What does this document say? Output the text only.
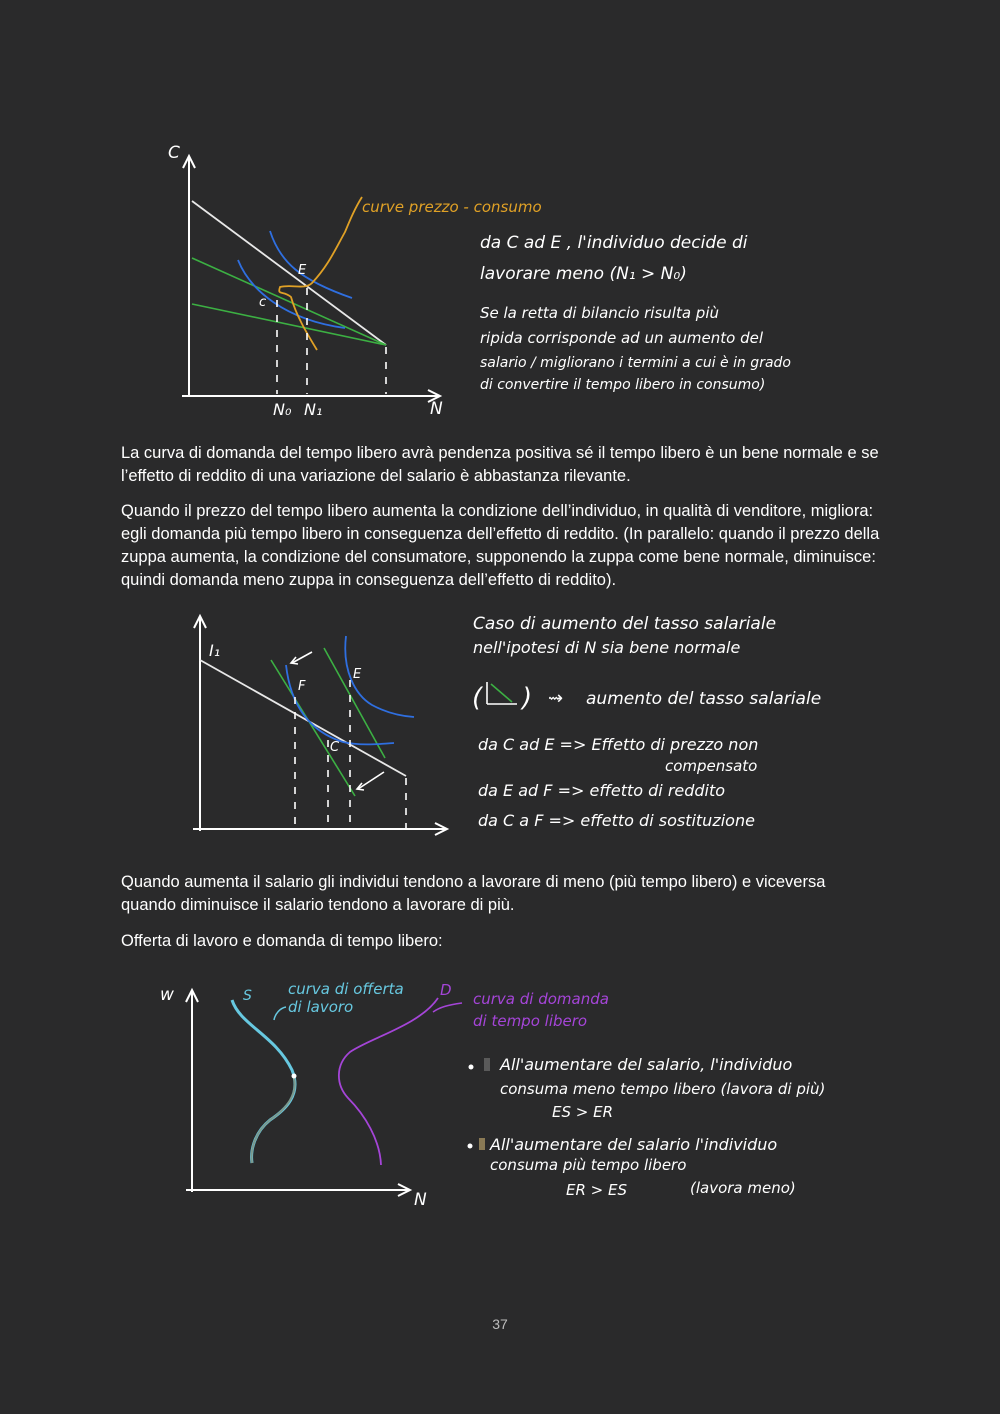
C
N
N₀ N₁
E
c
curve prezzo - consumo
da C ad E , l'individuo decide di
lavorare meno (N₁ > N₀)
Se la retta di bilancio risulta più
ripida corrisponde ad un aumento del
salario / migliorano i termini a cui è in grado
di convertire il tempo libero in consumo)

La curva di domanda del tempo libero avrà pendenza positiva sé il tempo libero è un bene normale e se l’effetto di reddito di una variazione del salario è abbastanza rilevante.

Quando il prezzo del tempo libero aumenta la condizione dell’individuo, in qualità di venditore, migliora: egli domanda più tempo libero in conseguenza dell’effetto di reddito. (In parallelo: quando il prezzo della zuppa aumenta, la condizione del consumatore, supponendo la zuppa come bene normale, diminuisce: quindi domanda meno zuppa in conseguenza dell’effetto di reddito).

I₁
F
E
C
Caso di aumento del tasso salariale
nell'ipotesi di N sia bene normale
( ) ⇝ aumento del tasso salariale
da C ad E => Effetto di prezzo non
compensato
da E ad F => effetto di reddito
da C a F => effetto di sostituzione

Quando aumenta il salario gli individui tendono a lavorare di meno (più tempo libero) e viceversa quando diminuisce il salario tendono a lavorare di più.

Offerta di lavoro e domanda di tempo libero:

w
N
S curva di offerta
di lavoro
D curva di domanda
di tempo libero
All'aumentare del salario, l'individuo
consuma meno tempo libero (lavora di più)
ES > ER
All'aumentare del salario l'individuo
consuma più tempo libero
ER > ES	(lavora meno)
37
